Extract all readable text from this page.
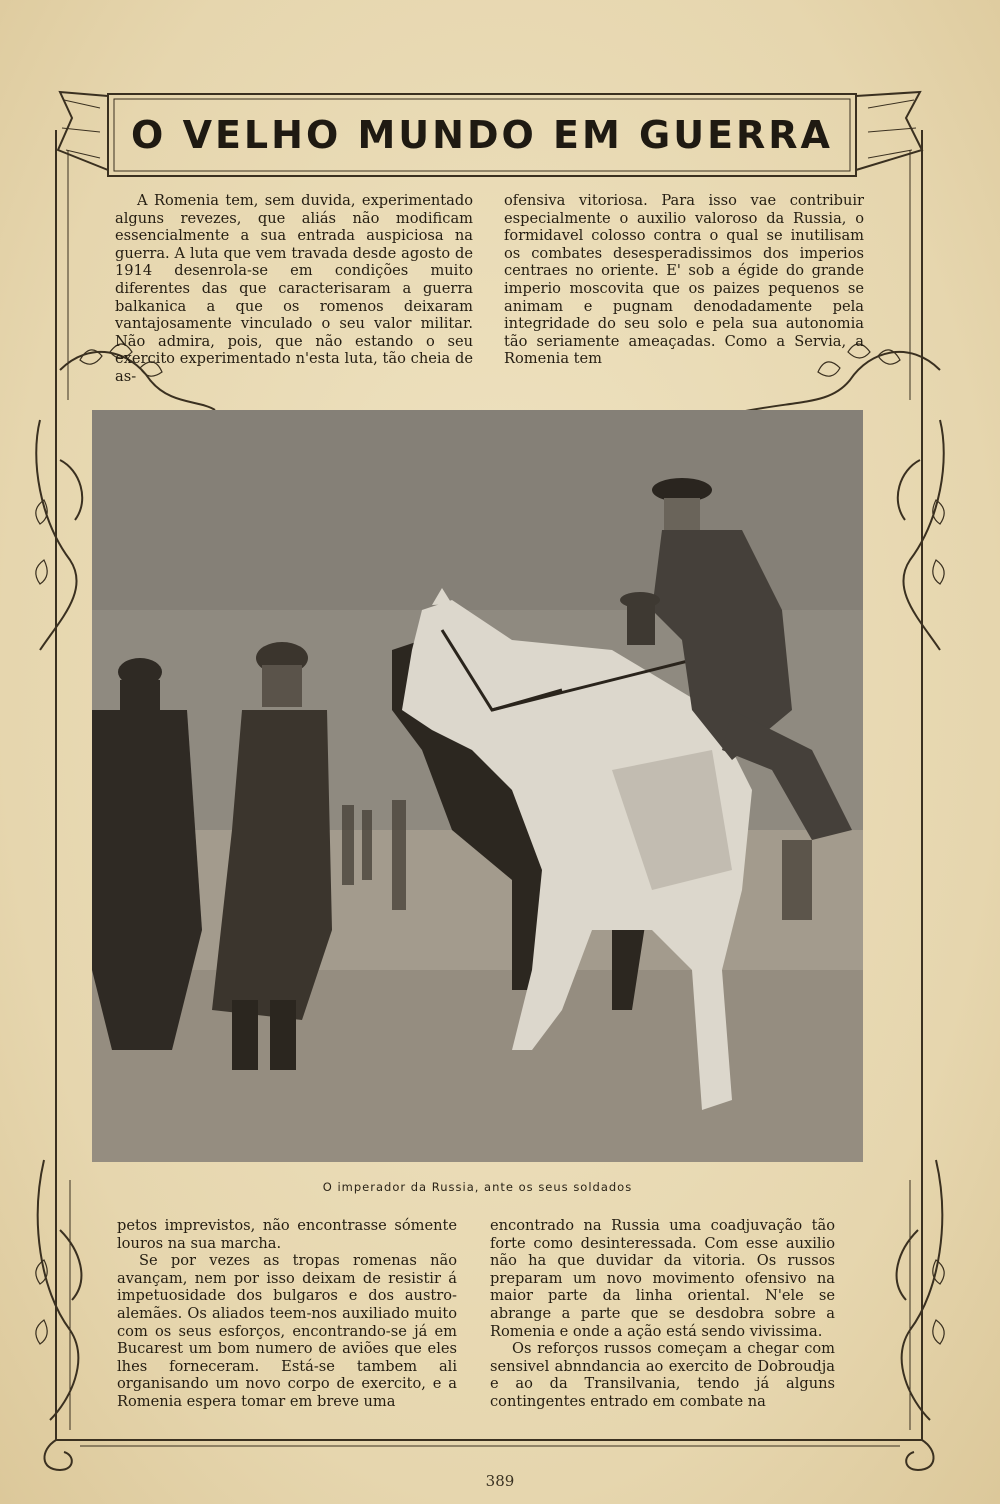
O VELHO MUNDO EM GUERRA

A Romenia tem, sem duvida, experimentado alguns revezes, que aliás não modificam essencialmente a sua entrada auspiciosa na guerra. A luta que vem travada desde agosto de 1914 desenrola-se em condições muito diferentes das que caracterisaram a guerra balkanica a que os romenos deixaram vantajosamente vinculado o seu valor militar. Não admira, pois, que não estando o seu exercito experimentado n'esta luta, tão cheia de as-

ofensiva vitoriosa. Para isso vae contribuir especialmente o auxilio valoroso da Russia, o formidavel colosso contra o qual se inutilisam os combates desesperadissimos dos imperios centraes no oriente. E' sob a égide do grande imperio moscovita que os paizes pequenos se animam e pugnam denodadamente pela integridade do seu solo e pela sua autonomia tão seriamente ameaçadas. Como a Servia, a Romenia tem

O imperador da Russia, ante os seus soldados

petos imprevistos, não encontrasse sómente louros na sua marcha.

Se por vezes as tropas romenas não avançam, nem por isso deixam de resistir á impetuosidade dos bulgaros e dos austro-alemães. Os aliados teem-nos auxiliado muito com os seus esforços, encontrando-se já em Bucarest um bom numero de aviões que eles lhes forneceram. Está-se tambem ali organisando um novo corpo de exercito, e a Romenia espera tomar em breve uma

encontrado na Russia uma coadjuvação tão forte como desinteressada. Com esse auxilio não ha que duvidar da vitoria. Os russos preparam um novo movimento ofensivo na maior parte da linha oriental. N'ele se abrange a parte que se desdobra sobre a Romenia e onde a ação está sendo vivissima.

Os reforços russos começam a chegar com sensivel abnndancia ao exercito de Dobroudja e ao da Transilvania, tendo já alguns contingentes entrado em combate na

389
